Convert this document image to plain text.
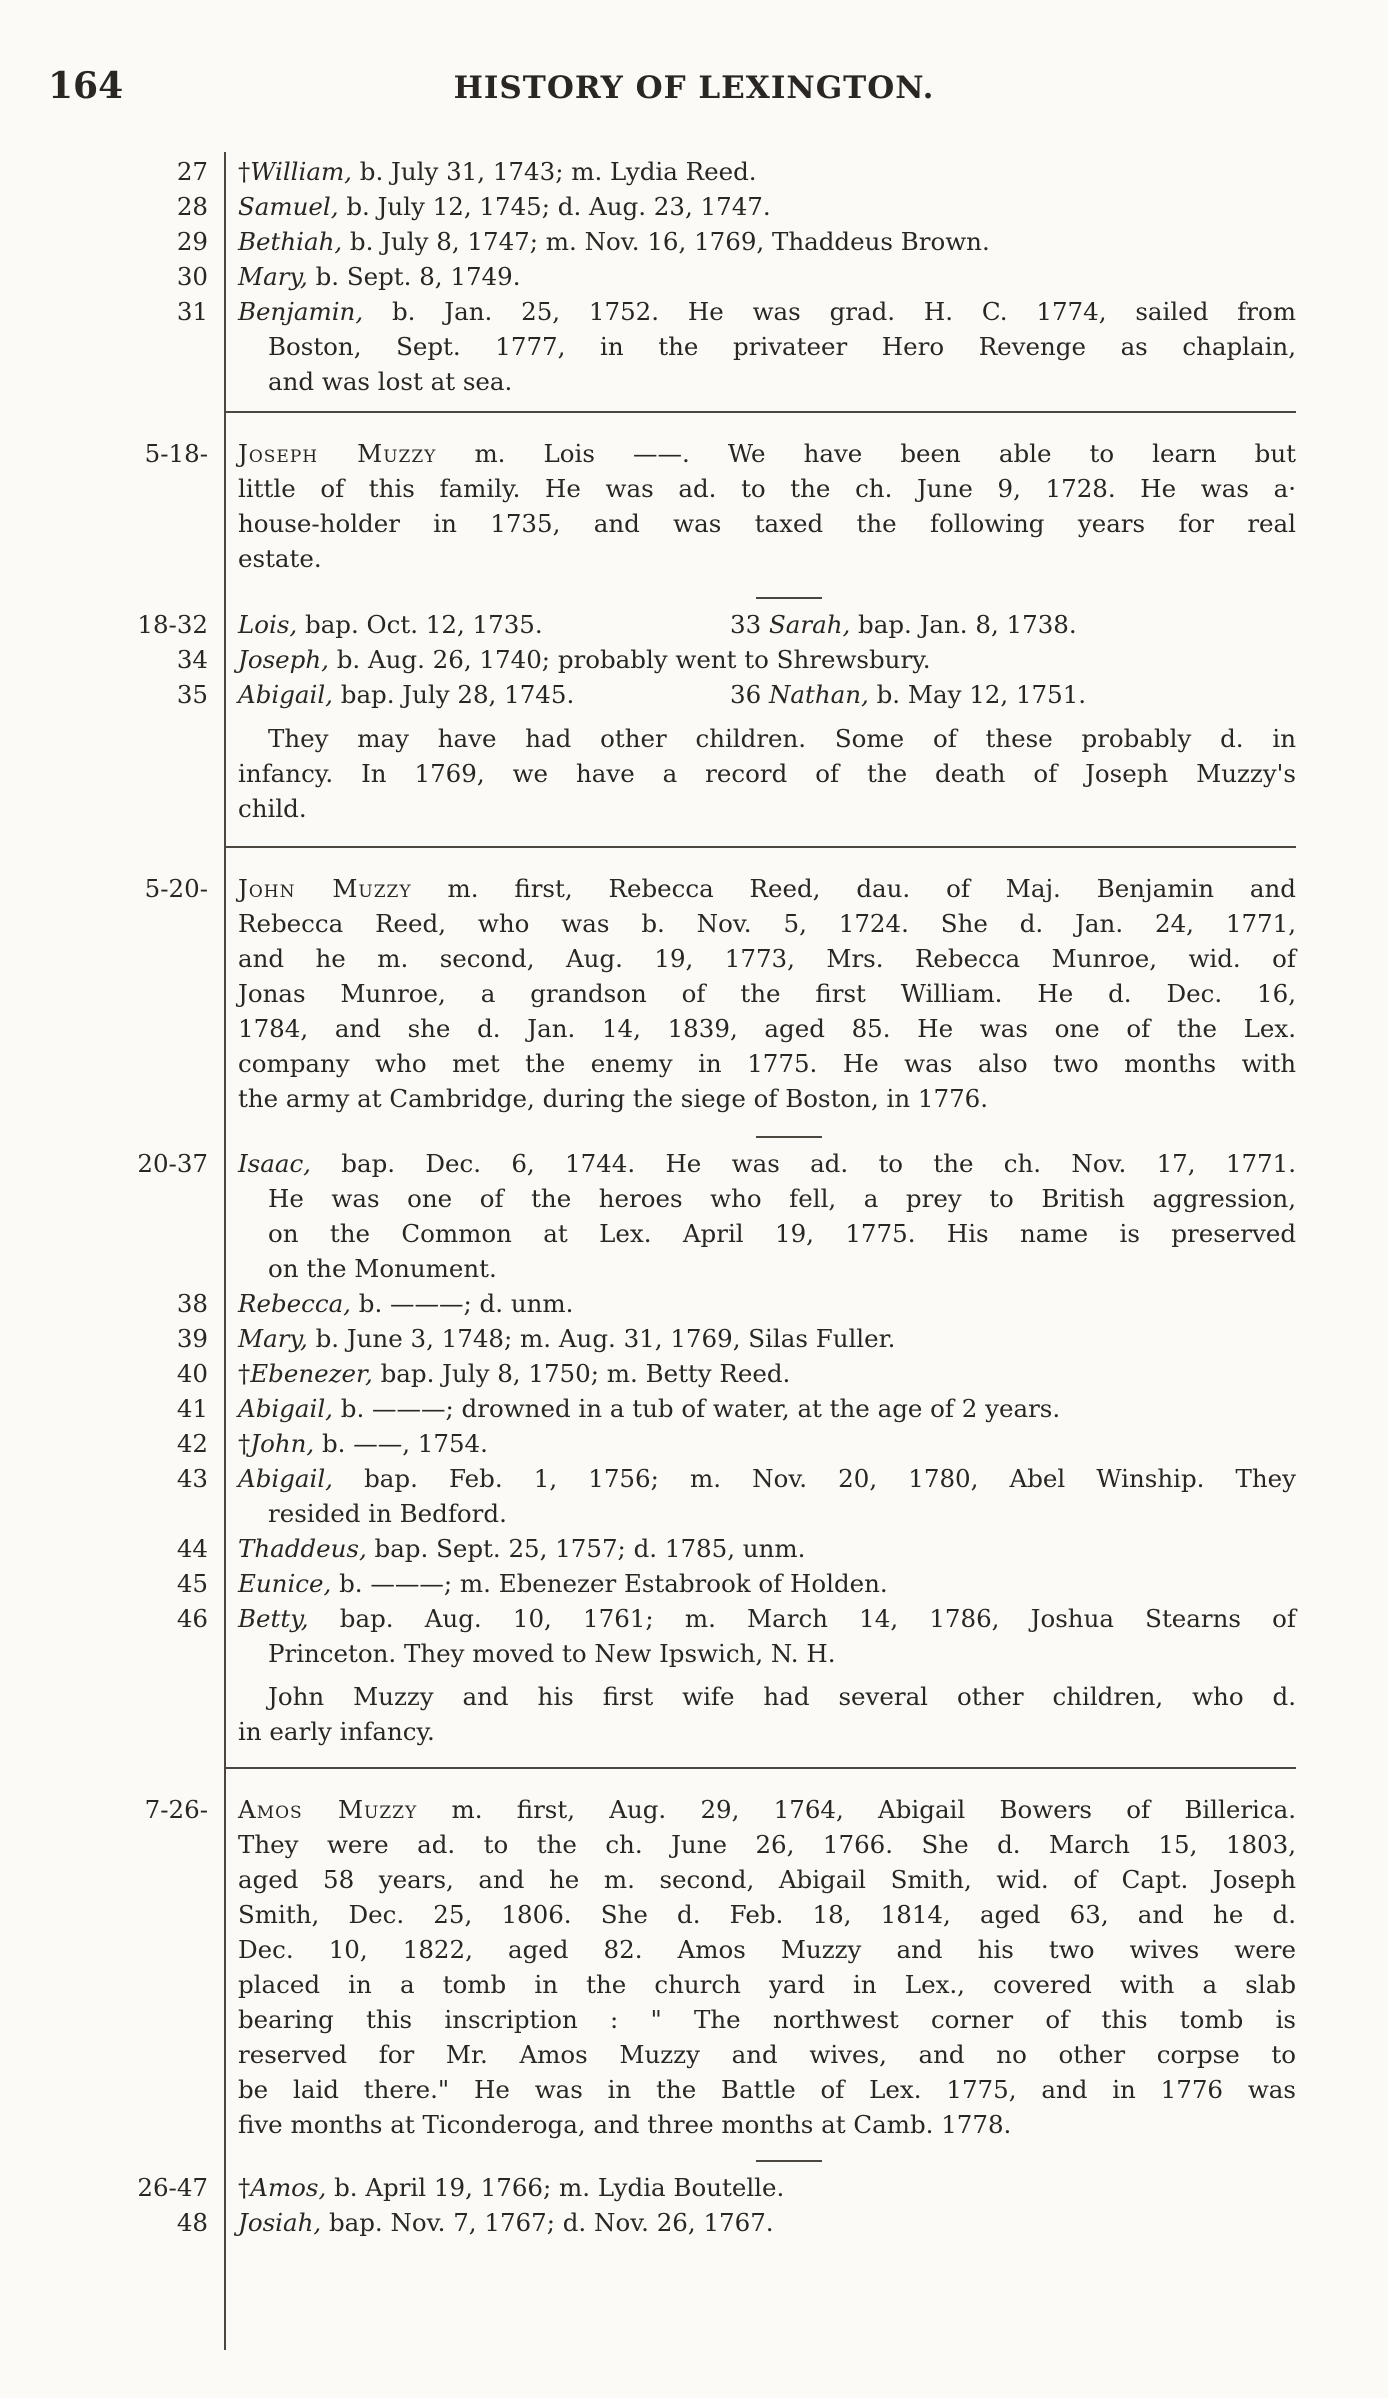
164	HISTORY OF LEXINGTON.
27 †William, b. July 31, 1743; m. Lydia Reed.
28 Samuel, b. July 12, 1745; d. Aug. 23, 1747.
29 Bethiah, b. July 8, 1747; m. Nov. 16, 1769, Thaddeus Brown.
30 Mary, b. Sept. 8, 1749.
31 Benjamin, b. Jan. 25, 1752. He was grad. H. C. 1774, sailed from
Boston, Sept. 1777, in the privateer Hero Revenge as chaplain,
and was lost at sea.
5-18- Joseph Muzzy m. Lois ——. We have been able to learn but
little of this family. He was ad. to the ch. June 9, 1728. He was a·
house-holder in 1735, and was taxed the following years for real
estate.
18-32 Lois, bap. Oct. 12, 1735.	33 Sarah, bap. Jan. 8, 1738.
34 Joseph, b. Aug. 26, 1740; probably went to Shrewsbury.
35 Abigail, bap. July 28, 1745.	36 Nathan, b. May 12, 1751.
They may have had other children. Some of these probably d. in
infancy. In 1769, we have a record of the death of Joseph Muzzy's
child.
5-20- John Muzzy m. first, Rebecca Reed, dau. of Maj. Benjamin and
Rebecca Reed, who was b. Nov. 5, 1724. She d. Jan. 24, 1771,
and he m. second, Aug. 19, 1773, Mrs. Rebecca Munroe, wid. of
Jonas Munroe, a grandson of the first William. He d. Dec. 16,
1784, and she d. Jan. 14, 1839, aged 85. He was one of the Lex.
company who met the enemy in 1775. He was also two months with
the army at Cambridge, during the siege of Boston, in 1776.
20-37 Isaac, bap. Dec. 6, 1744. He was ad. to the ch. Nov. 17, 1771.
He was one of the heroes who fell, a prey to British aggression,
on the Common at Lex. April 19, 1775. His name is preserved
on the Monument.
38 Rebecca, b. ———; d. unm.
39 Mary, b. June 3, 1748; m. Aug. 31, 1769, Silas Fuller.
40 †Ebenezer, bap. July 8, 1750; m. Betty Reed.
41 Abigail, b. ———; drowned in a tub of water, at the age of 2 years.
42 †John, b. ——, 1754.
43 Abigail, bap. Feb. 1, 1756; m. Nov. 20, 1780, Abel Winship. They
resided in Bedford.
44 Thaddeus, bap. Sept. 25, 1757; d. 1785, unm.
45 Eunice, b. ———; m. Ebenezer Estabrook of Holden.
46 Betty, bap. Aug. 10, 1761; m. March 14, 1786, Joshua Stearns of
Princeton. They moved to New Ipswich, N. H.
John Muzzy and his first wife had several other children, who d.
in early infancy.
7-26- Amos Muzzy m. first, Aug. 29, 1764, Abigail Bowers of Billerica.
They were ad. to the ch. June 26, 1766. She d. March 15, 1803,
aged 58 years, and he m. second, Abigail Smith, wid. of Capt. Joseph
Smith, Dec. 25, 1806. She d. Feb. 18, 1814, aged 63, and he d.
Dec. 10, 1822, aged 82. Amos Muzzy and his two wives were
placed in a tomb in the church yard in Lex., covered with a slab
bearing this inscription : " The northwest corner of this tomb is
reserved for Mr. Amos Muzzy and wives, and no other corpse to
be laid there." He was in the Battle of Lex. 1775, and in 1776 was
five months at Ticonderoga, and three months at Camb. 1778.
26-47 †Amos, b. April 19, 1766; m. Lydia Boutelle.
48 Josiah, bap. Nov. 7, 1767; d. Nov. 26, 1767.
